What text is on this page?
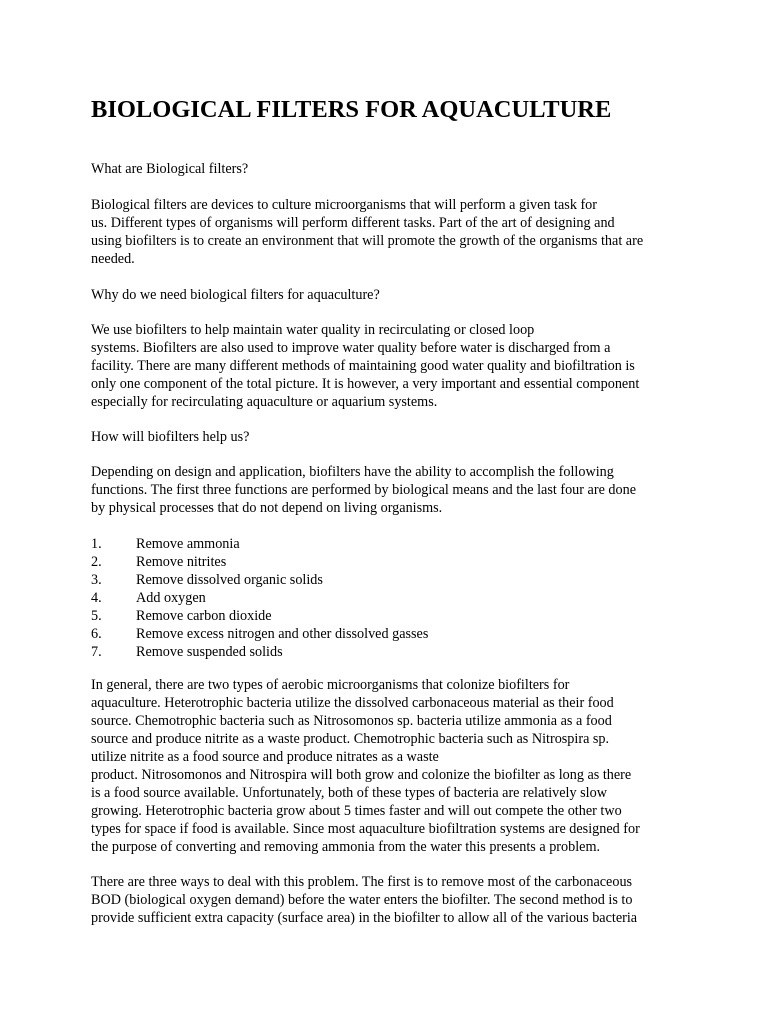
BIOLOGICAL FILTERS FOR AQUACULTURE
What are Biological filters?
Biological filters are devices to culture microorganisms that will perform a given task for
us. Different types of organisms will perform different tasks. Part of the art of designing and
using biofilters is to create an environment that will promote the growth of the organisms that are
needed.
Why do we need biological filters for aquaculture?
We use biofilters to help maintain water quality in recirculating or closed loop
systems. Biofilters are also used to improve water quality before water is discharged from a
facility. There are many different methods of maintaining good water quality and biofiltration is
only one component of the total picture. It is however, a very important and essential component
especially for recirculating aquaculture or aquarium systems.
How will biofilters help us?
Depending on design and application, biofilters have the ability to accomplish the following
functions. The first three functions are performed by biological means and the last four are done
by physical processes that do not depend on living organisms.
1. Remove ammonia
2. Remove nitrites
3. Remove dissolved organic solids
4. Add oxygen
5. Remove carbon dioxide
6. Remove excess nitrogen and other dissolved gasses
7. Remove suspended solids
In general, there are two types of aerobic microorganisms that colonize biofilters for
aquaculture. Heterotrophic bacteria utilize the dissolved carbonaceous material as their food
source. Chemotrophic bacteria such as Nitrosomonos sp. bacteria utilize ammonia as a food
source and produce nitrite as a waste product. Chemotrophic bacteria such as Nitrospira sp.
utilize nitrite as a food source and produce nitrates as a waste
product. Nitrosomonos and Nitrospira will both grow and colonize the biofilter as long as there
is a food source available. Unfortunately, both of these types of bacteria are relatively slow
growing. Heterotrophic bacteria grow about 5 times faster and will out compete the other two
types for space if food is available. Since most aquaculture biofiltration systems are designed for
the purpose of converting and removing ammonia from the water this presents a problem.
There are three ways to deal with this problem. The first is to remove most of the carbonaceous
BOD (biological oxygen demand) before the water enters the biofilter. The second method is to
provide sufficient extra capacity (surface area) in the biofilter to allow all of the various bacteria
